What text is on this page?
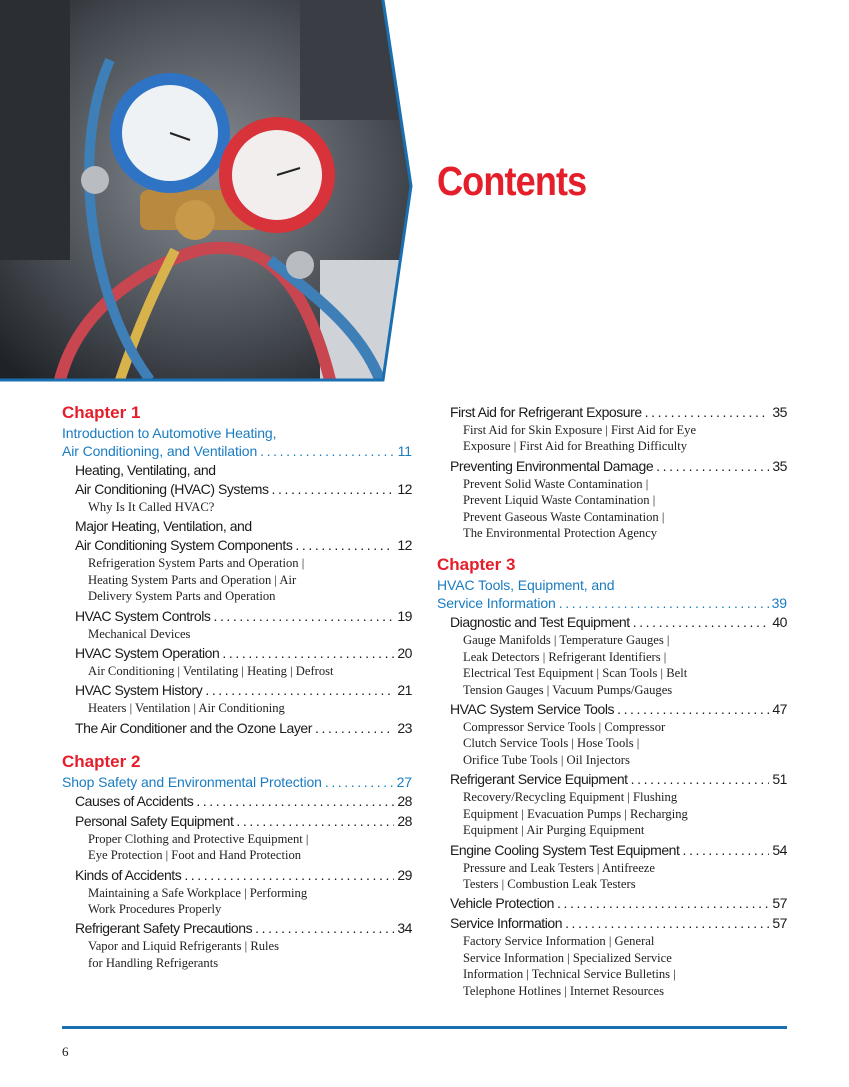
Contents
Chapter 1
Introduction to Automotive Heating,
Air Conditioning, and Ventilation .....	11
Heating, Ventilating, and
Air Conditioning (HVAC) Systems .....	12
Why Is It Called HVAC?
Major Heating, Ventilation, and
Air Conditioning System Components .....	12
Refrigeration System Parts and Operation |
Heating System Parts and Operation | Air
Delivery System Parts and Operation
HVAC System Controls .....	19
Mechanical Devices
HVAC System Operation .....	20
Air Conditioning | Ventilating | Heating | Defrost
HVAC System History .....	21
Heaters | Ventilation | Air Conditioning
The Air Conditioner and the Ozone Layer .....	23
Chapter 2
Shop Safety and Environmental Protection .....	27
Causes of Accidents .....	28
Personal Safety Equipment .....	28
Proper Clothing and Protective Equipment |
Eye Protection | Foot and Hand Protection
Kinds of Accidents .....	29
Maintaining a Safe Workplace | Performing
Work Procedures Properly
Refrigerant Safety Precautions .....	34
Vapor and Liquid Refrigerants | Rules
for Handling Refrigerants
First Aid for Refrigerant Exposure .....	35
First Aid for Skin Exposure | First Aid for Eye
Exposure | First Aid for Breathing Difficulty
Preventing Environmental Damage .....	35
Prevent Solid Waste Contamination |
Prevent Liquid Waste Contamination |
Prevent Gaseous Waste Contamination |
The Environmental Protection Agency
Chapter 3
HVAC Tools, Equipment, and
Service Information .....	39
Diagnostic and Test Equipment .....	40
Gauge Manifolds | Temperature Gauges |
Leak Detectors | Refrigerant Identifiers |
Electrical Test Equipment | Scan Tools | Belt
Tension Gauges | Vacuum Pumps/Gauges
HVAC System Service Tools .....	47
Compressor Service Tools | Compressor
Clutch Service Tools | Hose Tools |
Orifice Tube Tools | Oil Injectors
Refrigerant Service Equipment .....	51
Recovery/Recycling Equipment | Flushing
Equipment | Evacuation Pumps | Recharging
Equipment | Air Purging Equipment
Engine Cooling System Test Equipment .....	54
Pressure and Leak Testers | Antifreeze
Testers | Combustion Leak Testers
Vehicle Protection .....	57
Service Information .....	57
Factory Service Information | General
Service Information | Specialized Service
Information | Technical Service Bulletins |
Telephone Hotlines | Internet Resources
6
